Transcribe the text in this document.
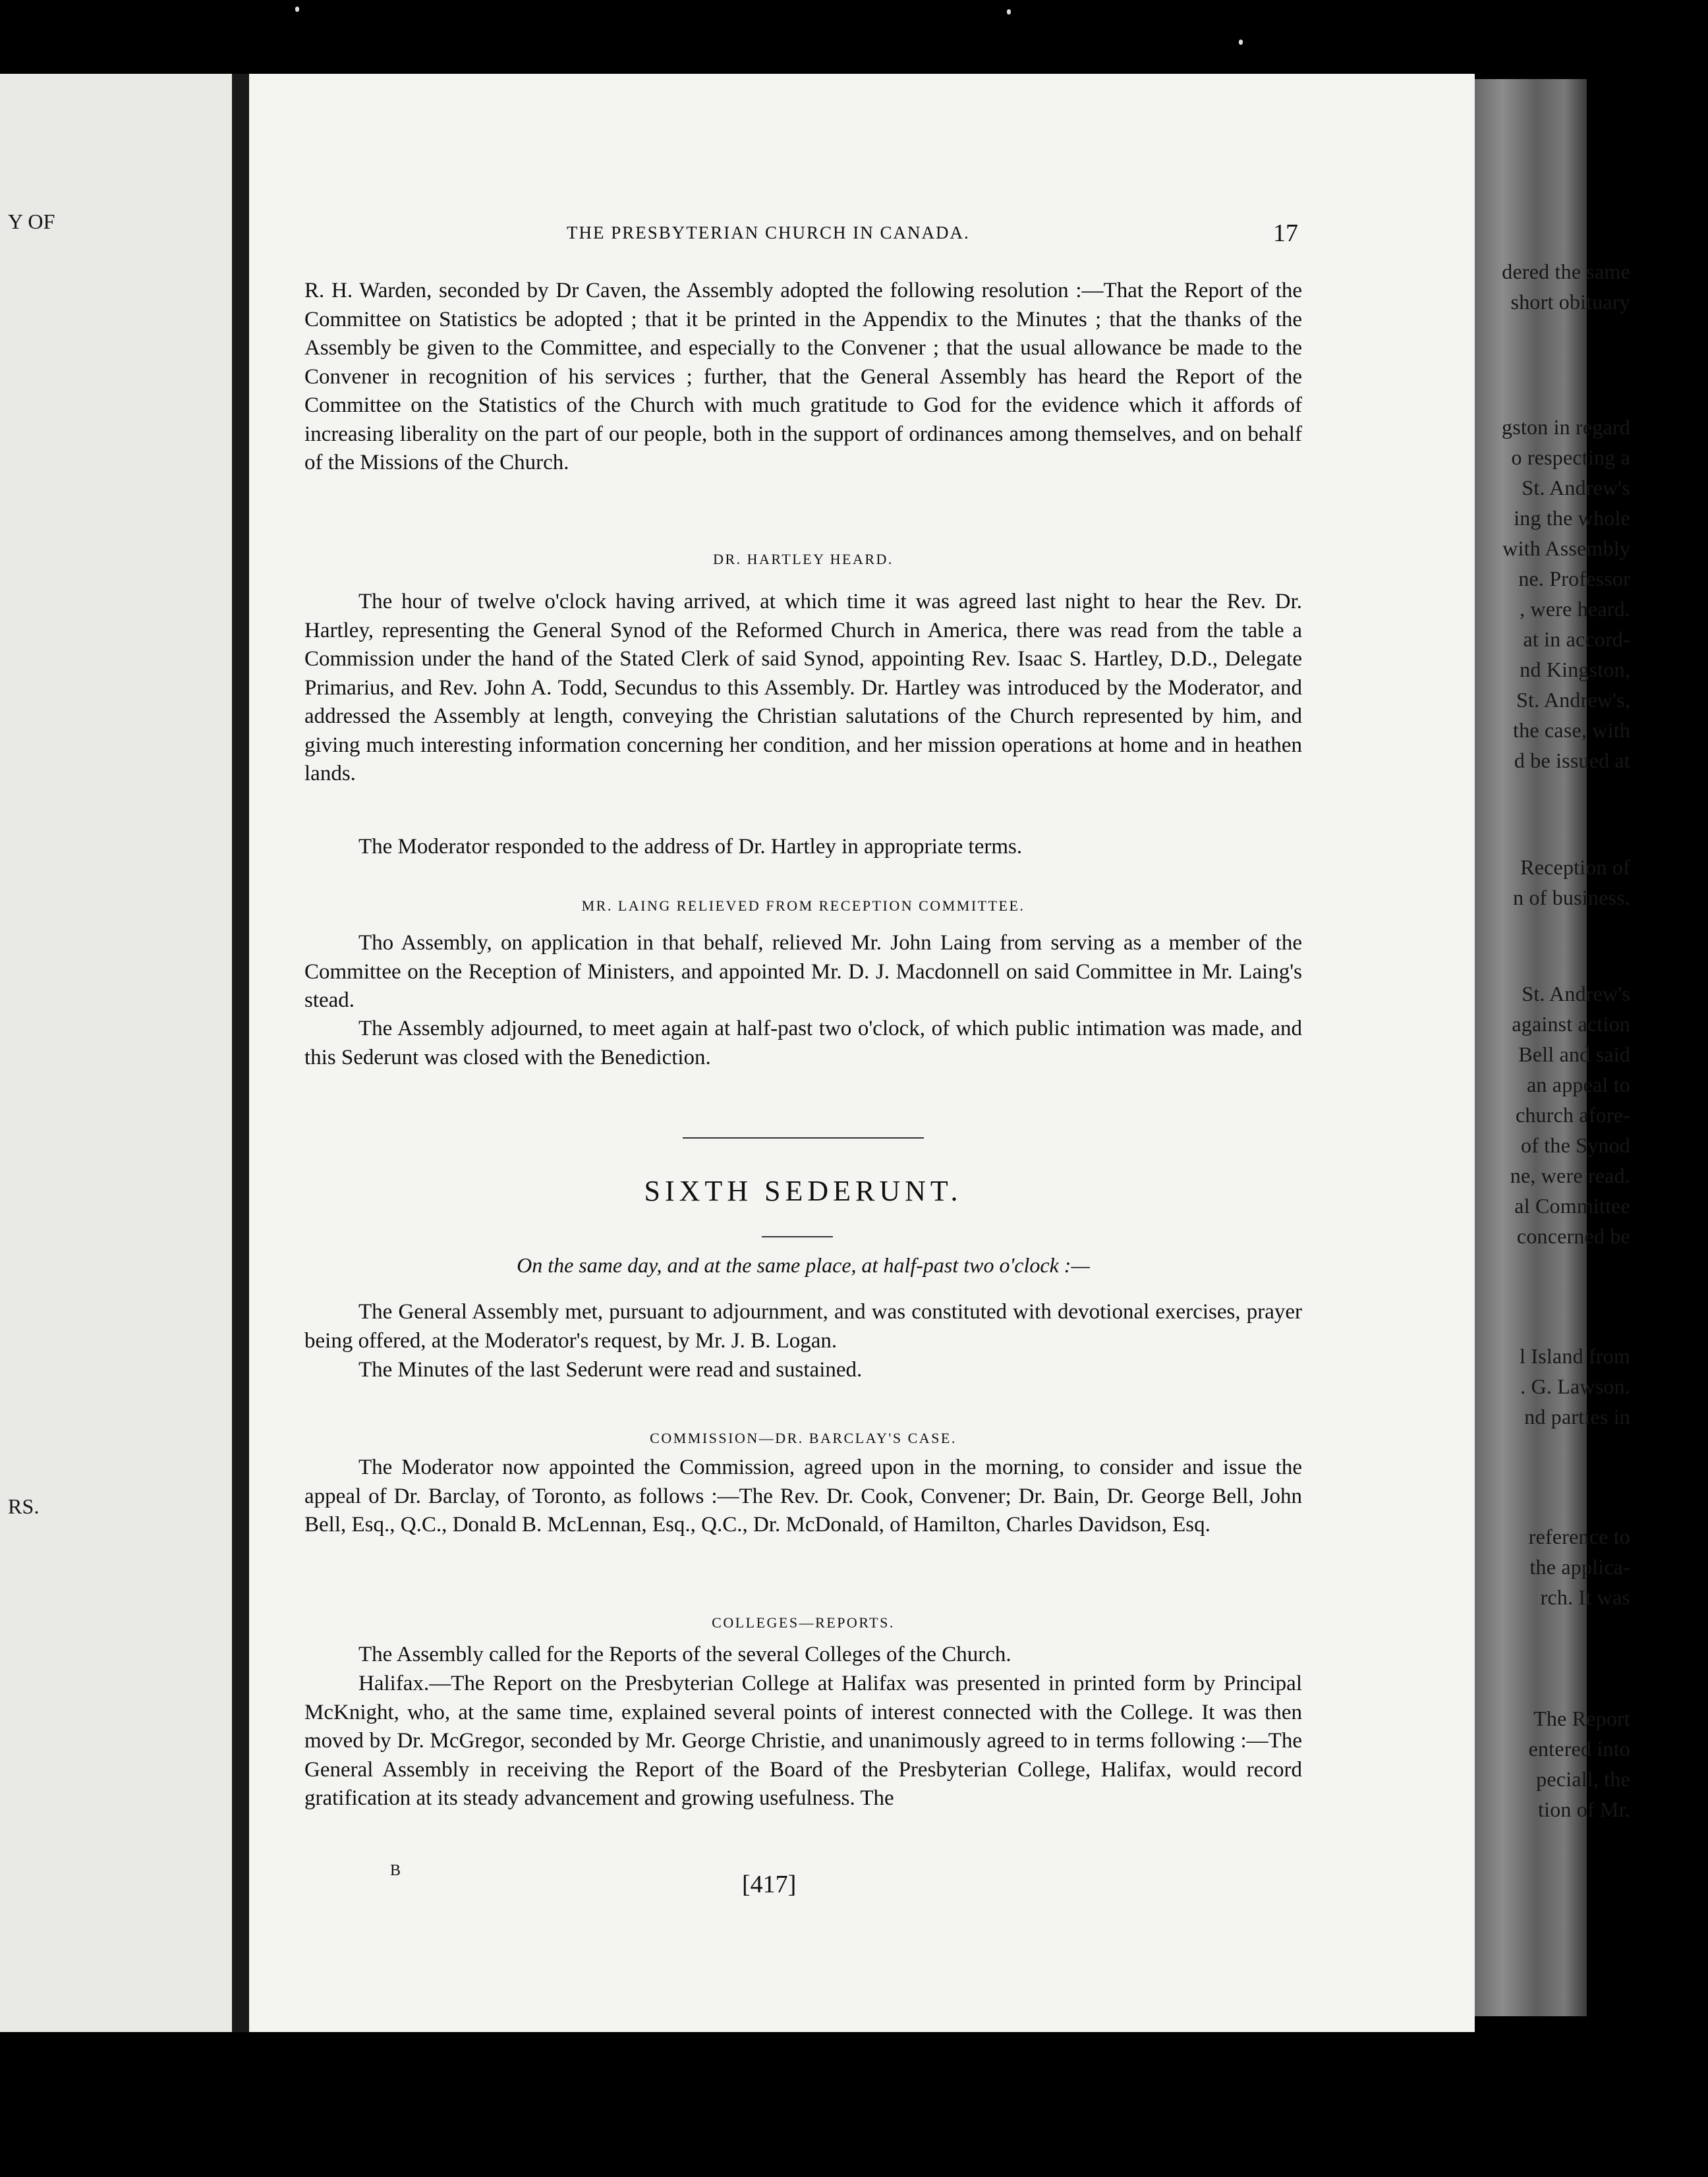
Y OF
dered the same
short obituary
gston in regard
o respecting a
St. Andrew's
ing the whole
with Assembly
ne. Professor
, were heard.
at in accord-
nd Kingston,
St. Andrew's,
the case, with
d be issued at
Reception of
n of business.
St. Andrew's
against action
Bell and said
an appeal to
church afore-
of the Synod
ne, were read.
al Committee
concerned be
l Island from
. G. Lawson.
nd parties in
RS.
reference to
the applica-
rch. It was
The Report
entered into
peciall, the
tion of Mr.
THE PRESBYTERIAN CHURCH IN CANADA.	17

R. H. Warden, seconded by Dr Caven, the Assembly adopted the following resolution :—That the Report of the Committee on Statistics be adopted ; that it be printed in the Appendix to the Minutes ; that the thanks of the Assembly be given to the Committee, and especially to the Convener ; that the usual allowance be made to the Convener in recognition of his services ; further, that the General Assembly has heard the Report of the Committee on the Statistics of the Church with much gratitude to God for the evidence which it affords of increasing liberality on the part of our people, both in the support of ordinances among themselves, and on behalf of the Missions of the Church.

DR. HARTLEY HEARD.

The hour of twelve o'clock having arrived, at which time it was agreed last night to hear the Rev. Dr. Hartley, representing the General Synod of the Reformed Church in America, there was read from the table a Commission under the hand of the Stated Clerk of said Synod, appointing Rev. Isaac S. Hartley, D.D., Delegate Primarius, and Rev. John A. Todd, Secundus to this Assembly. Dr. Hartley was introduced by the Moderator, and addressed the Assembly at length, conveying the Christian salutations of the Church represented by him, and giving much interesting information concerning her condition, and her mission operations at home and in heathen lands.

The Moderator responded to the address of Dr. Hartley in appropriate terms.

MR. LAING RELIEVED FROM RECEPTION COMMITTEE.

Tho Assembly, on application in that behalf, relieved Mr. John Laing from serving as a member of the Committee on the Reception of Ministers, and appointed Mr. D. J. Macdonnell on said Committee in Mr. Laing's stead.

The Assembly adjourned, to meet again at half-past two o'clock, of which public intimation was made, and this Sederunt was closed with the Benediction.

SIXTH SEDERUNT.
On the same day, and at the same place, at half-past two o'clock :—

The General Assembly met, pursuant to adjournment, and was constituted with devotional exercises, prayer being offered, at the Moderator's request, by Mr. J. B. Logan.

The Minutes of the last Sederunt were read and sustained.

COMMISSION—DR. BARCLAY'S CASE.

The Moderator now appointed the Commission, agreed upon in the morning, to consider and issue the appeal of Dr. Barclay, of Toronto, as follows :—The Rev. Dr. Cook, Convener; Dr. Bain, Dr. George Bell, John Bell, Esq., Q.C., Donald B. McLennan, Esq., Q.C., Dr. McDonald, of Hamilton, Charles Davidson, Esq.

COLLEGES—REPORTS.

The Assembly called for the Reports of the several Colleges of the Church.

Halifax.—The Report on the Presbyterian College at Halifax was presented in printed form by Principal McKnight, who, at the same time, explained several points of interest connected with the College. It was then moved by Dr. McGregor, seconded by Mr. George Christie, and unanimously agreed to in terms following :—The General Assembly in receiving the Report of the Board of the Presbyterian College, Halifax, would record gratification at its steady advancement and growing usefulness. The

B	[417]
